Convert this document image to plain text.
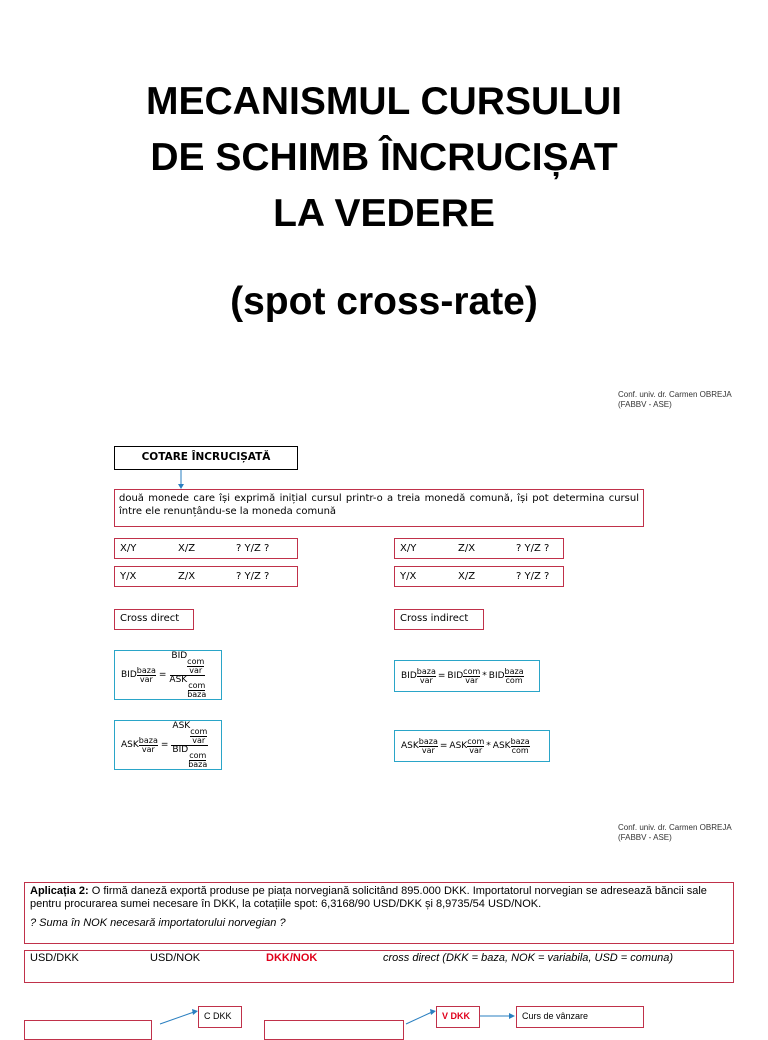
MECANISMUL CURSULUI
DE SCHIMB ÎNCRUCIȘAT
LA VEDERE
(spot cross-rate)
Conf. univ. dr. Carmen OBREJA
(FABBV - ASE)
COTARE ÎNCRUCIȘATĂ
două monede care își exprimă inițial cursul printr-o a treia monedă comună, își pot determina cursul între ele renunțându-se la moneda comună
X/Y	X/Z	? Y/Z ?
Y/X	Z/X	? Y/Z ?
X/Y	Z/X	? Y/Z ?
Y/X	X/Z	? Y/Z ?
Cross direct	Cross indirect
BID baza
var = BID
com
var
ASK
com
baza
ASK baza
var = ASK
com
var
BID
com
baza
BID baza
var = BID com
var * BID baza
com
ASK baza
var = ASK com
var * ASK baza
com
Conf. univ. dr. Carmen OBREJA
(FABBV - ASE)
Aplicația 2: O firmă daneză exportă produse pe piața norvegiană solicitând 895.000 DKK. Importatorul norvegian se adresează băncii sale pentru procurarea sumei necesare în DKK, la cotațiile spot: 6,3168/90 USD/DKK și 8,9735/54 USD/NOK.
? Suma în NOK necesară importatorului norvegian ?
USD/DKK	USD/NOK	DKK/NOK	cross direct (DKK = baza, NOK = variabila, USD = comuna)
C DKK	V DKK	Curs de vânzare
